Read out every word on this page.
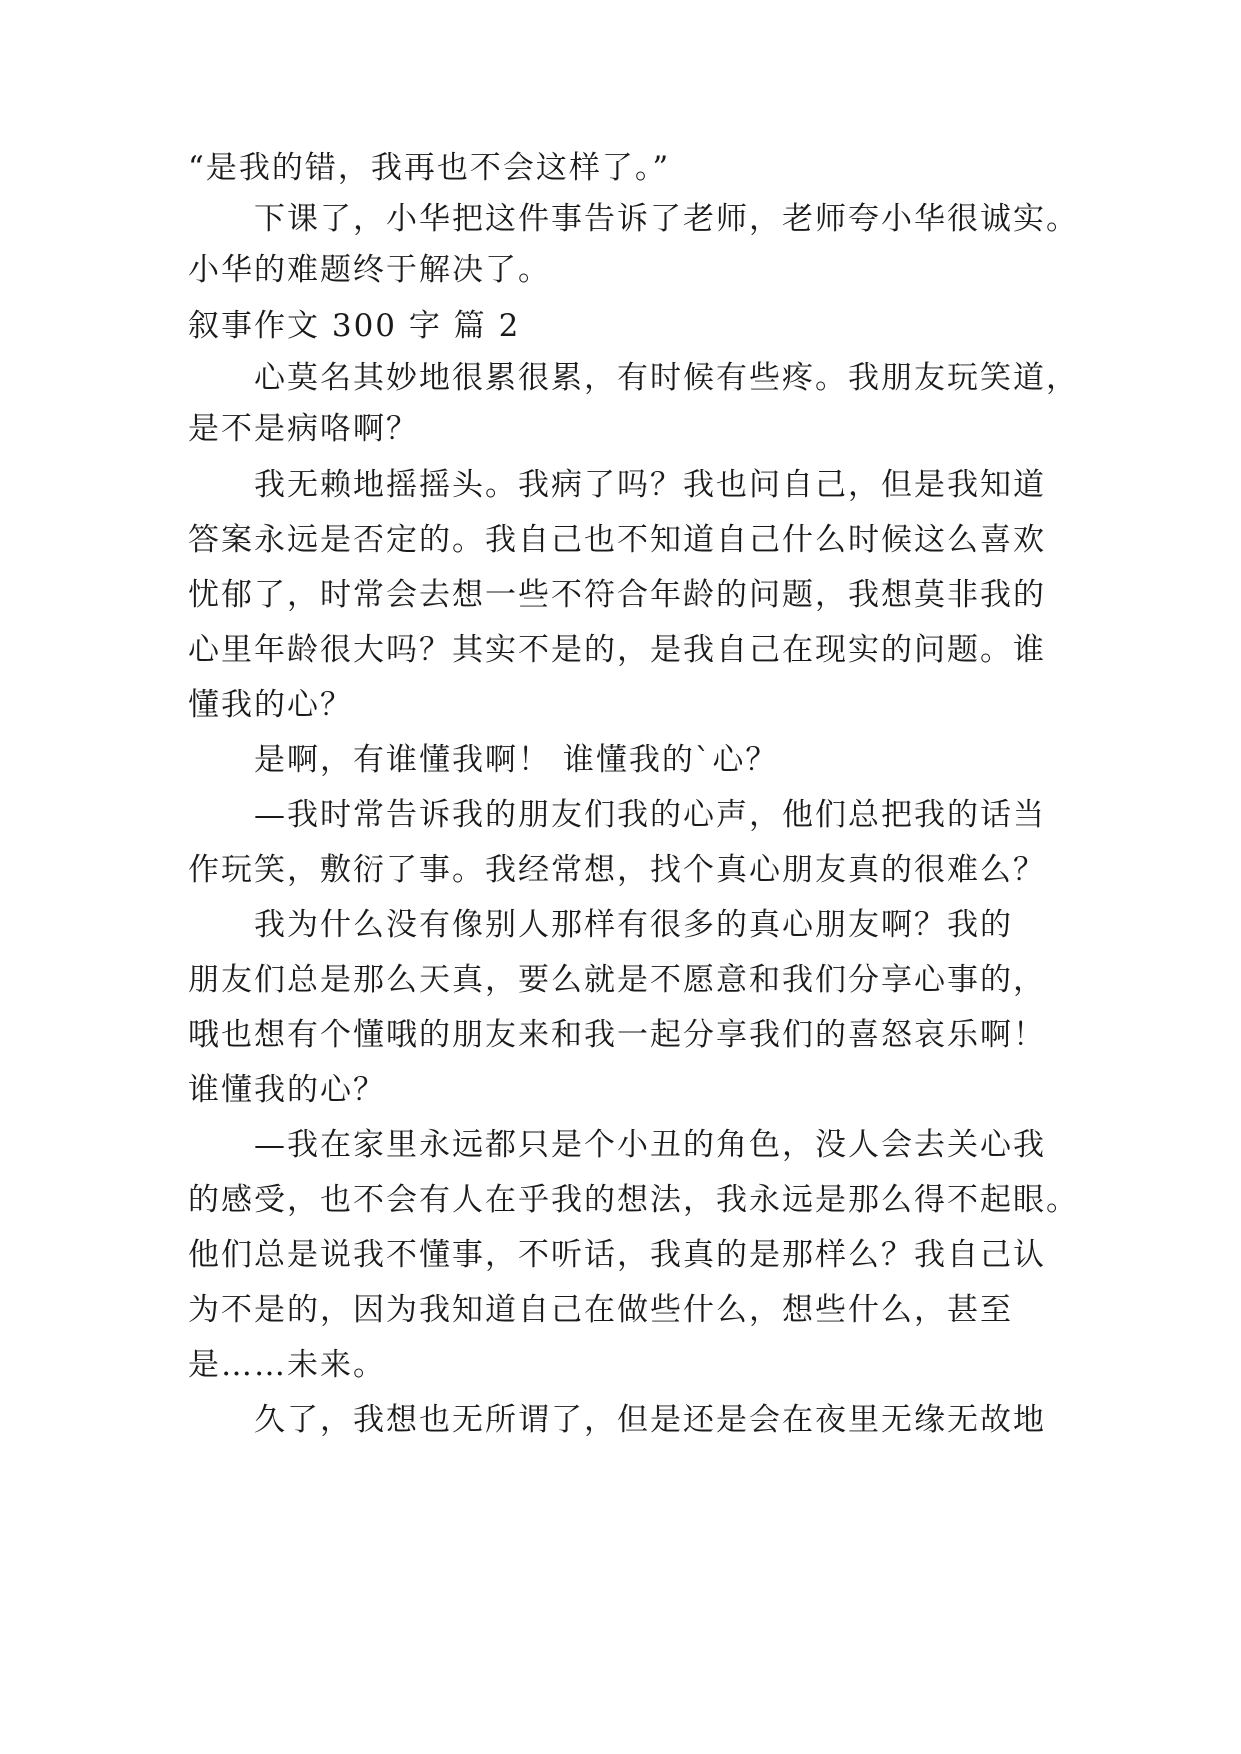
“是我的错，我再也不会这样了。”
下课了，小华把这件事告诉了老师，老师夸小华很诚实。
小华的难题终于解决了。
叙事作文 300 字 篇 2
心莫名其妙地很累很累，有时候有些疼。我朋友玩笑道，
是不是病咯啊？
我无赖地摇摇头。我病了吗？我也问自己，但是我知道
答案永远是否定的。我自己也不知道自己什么时候这么喜欢
忧郁了，时常会去想一些不符合年龄的问题，我想莫非我的
心里年龄很大吗？其实不是的，是我自己在现实的问题。谁
懂我的心？
是啊，有谁懂我啊！ 谁懂我的`心？
—我时常告诉我的朋友们我的心声，他们总把我的话当
作玩笑，敷衍了事。我经常想，找个真心朋友真的很难么？
我为什么没有像别人那样有很多的真心朋友啊？我的
朋友们总是那么天真，要么就是不愿意和我们分享心事的，
哦也想有个懂哦的朋友来和我一起分享我们的喜怒哀乐啊！
谁懂我的心？
—我在家里永远都只是个小丑的角色，没人会去关心我
的感受，也不会有人在乎我的想法，我永远是那么得不起眼。
他们总是说我不懂事，不听话，我真的是那样么？我自己认
为不是的，因为我知道自己在做些什么，想些什么，甚至
是……未来。
久了，我想也无所谓了，但是还是会在夜里无缘无故地
